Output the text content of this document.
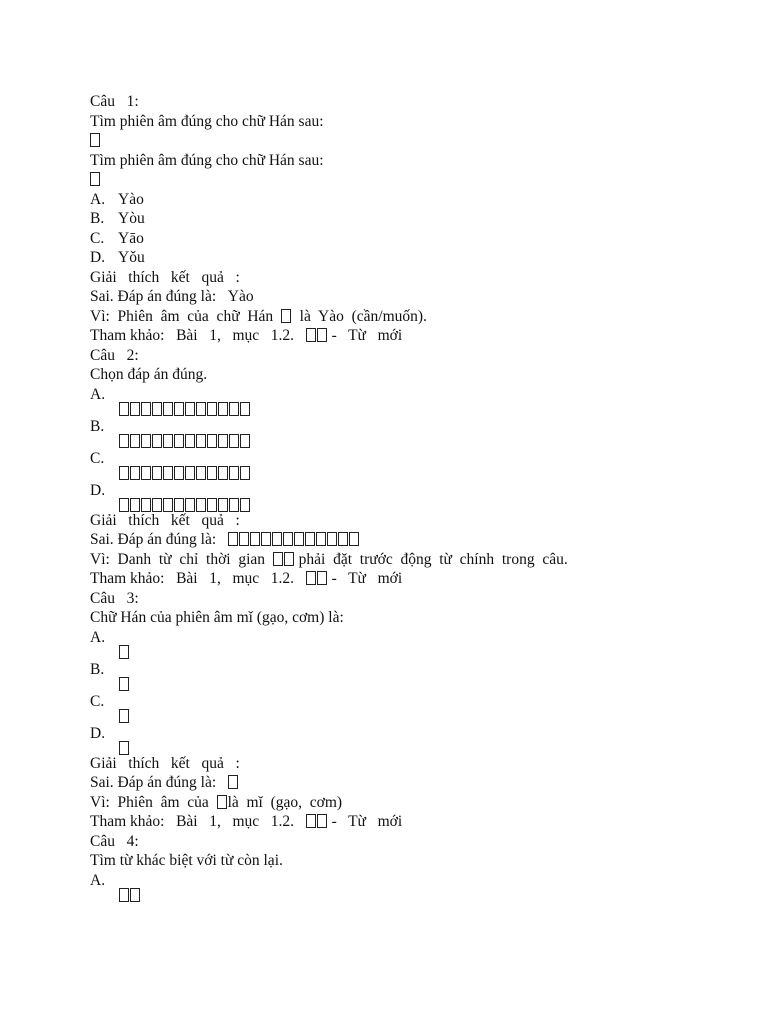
Câu   1:
Tìm phiên âm đúng cho chữ Hán sau:
Tìm phiên âm đúng cho chữ Hán sau:
A. Yào
B. Yòu
C. Yāo
D. Yǒu
Giải   thích   kết   quả   :
Sai. Đáp án đúng là: Yào
Vì:  Phiên  âm  của  chữ  Hán là  Yào  (cần/muốn).
Tham khảo:   Bài   1,   mục   1.2. -   Từ   mới
Câu   2:
Chọn đáp án đúng.
A.
B.
C.
D.
Giải   thích   kết   quả   :
Sai. Đáp án đúng là:
Vì:  Danh  từ  chỉ  thời  gian phải  đặt  trước  động  từ  chính  trong  câu.
Tham khảo:   Bài   1,   mục   1.2. -   Từ   mới
Câu   3:
Chữ Hán của phiên âm mǐ (gạo, cơm) là:
A.
B.
C.
D.
Giải   thích   kết   quả   :
Sai. Đáp án đúng là:
Vì:  Phiên  âm  của là  mǐ  (gạo,  cơm)
Tham khảo:   Bài   1,   mục   1.2. -   Từ   mới
Câu   4:
Tìm từ khác biệt với từ còn lại.
A.
